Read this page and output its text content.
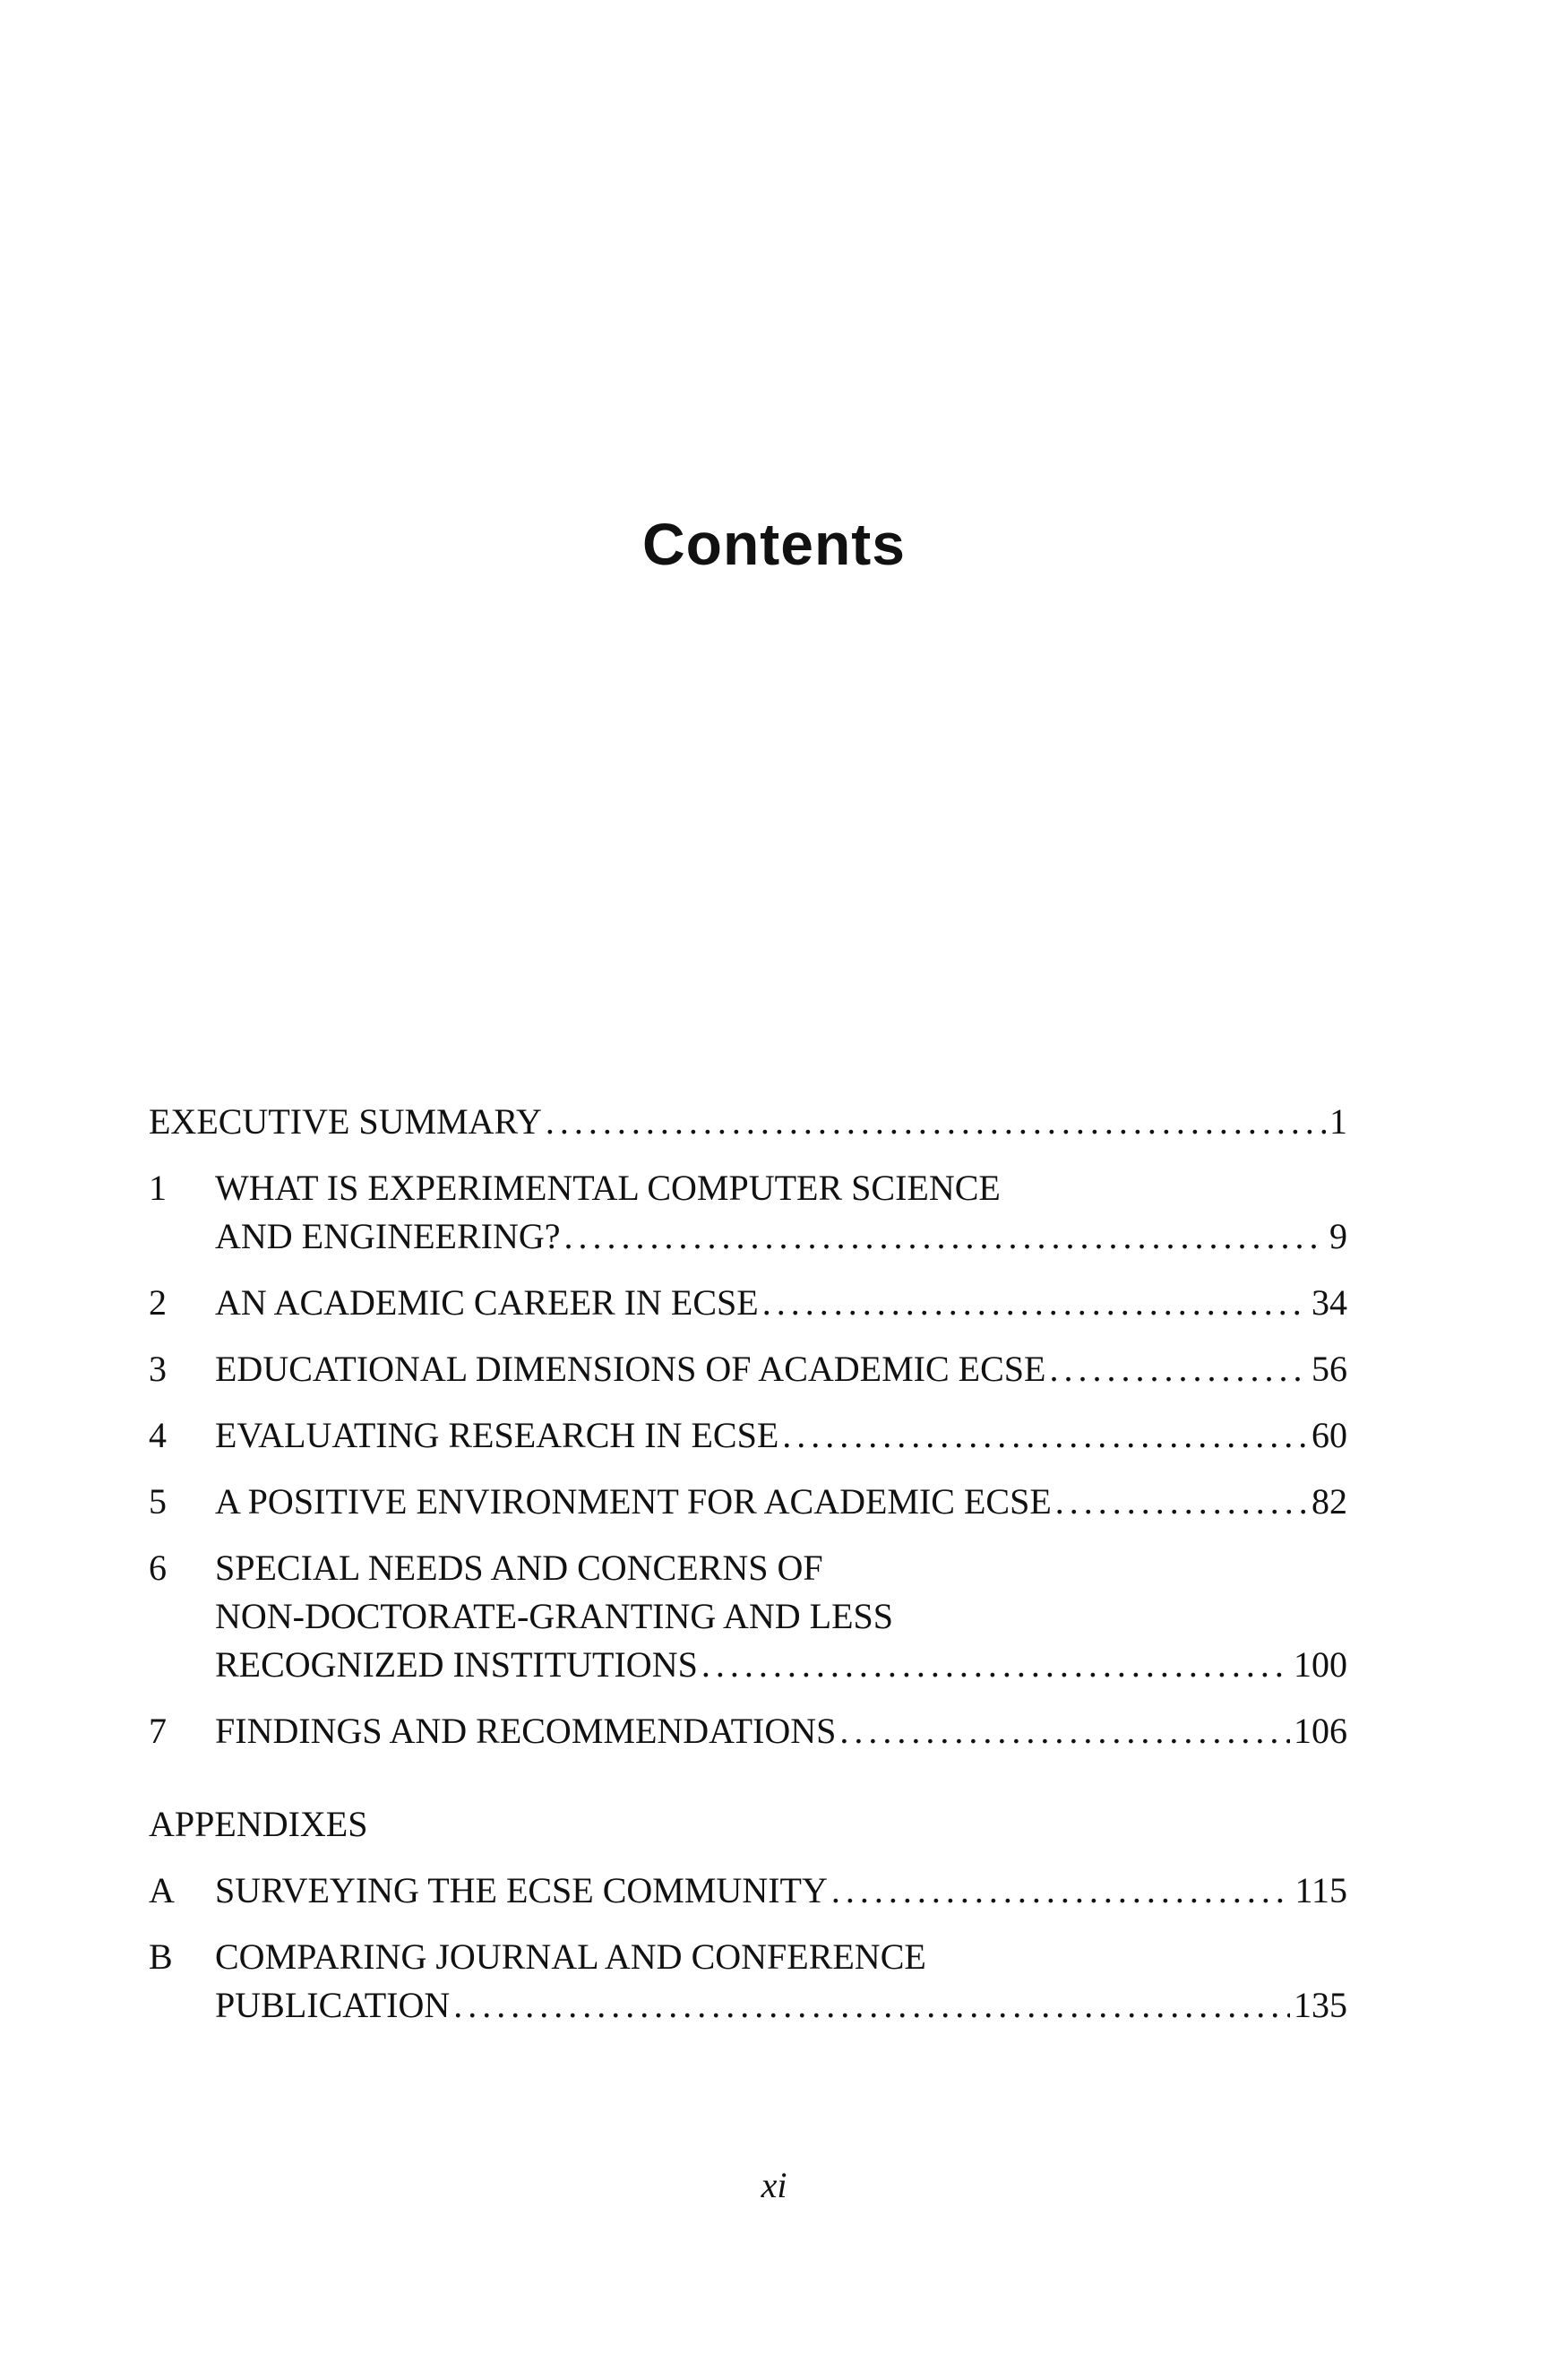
Contents
EXECUTIVE SUMMARY . . .	1
1	WHAT IS EXPERIMENTAL COMPUTER SCIENCE
AND ENGINEERING? . . .	9
2	AN ACADEMIC CAREER IN ECSE . . .	34
3	EDUCATIONAL DIMENSIONS OF ACADEMIC ECSE . . .	56
4	EVALUATING RESEARCH IN ECSE . . .	60
5	A POSITIVE ENVIRONMENT FOR ACADEMIC ECSE . . .	82
6	SPECIAL NEEDS AND CONCERNS OF
NON-DOCTORATE-GRANTING AND LESS
RECOGNIZED INSTITUTIONS . . .	100
7	FINDINGS AND RECOMMENDATIONS . . .	106
APPENDIXES
A	SURVEYING THE ECSE COMMUNITY . . .	115
B	COMPARING JOURNAL AND CONFERENCE
PUBLICATION . . .	135
xi
